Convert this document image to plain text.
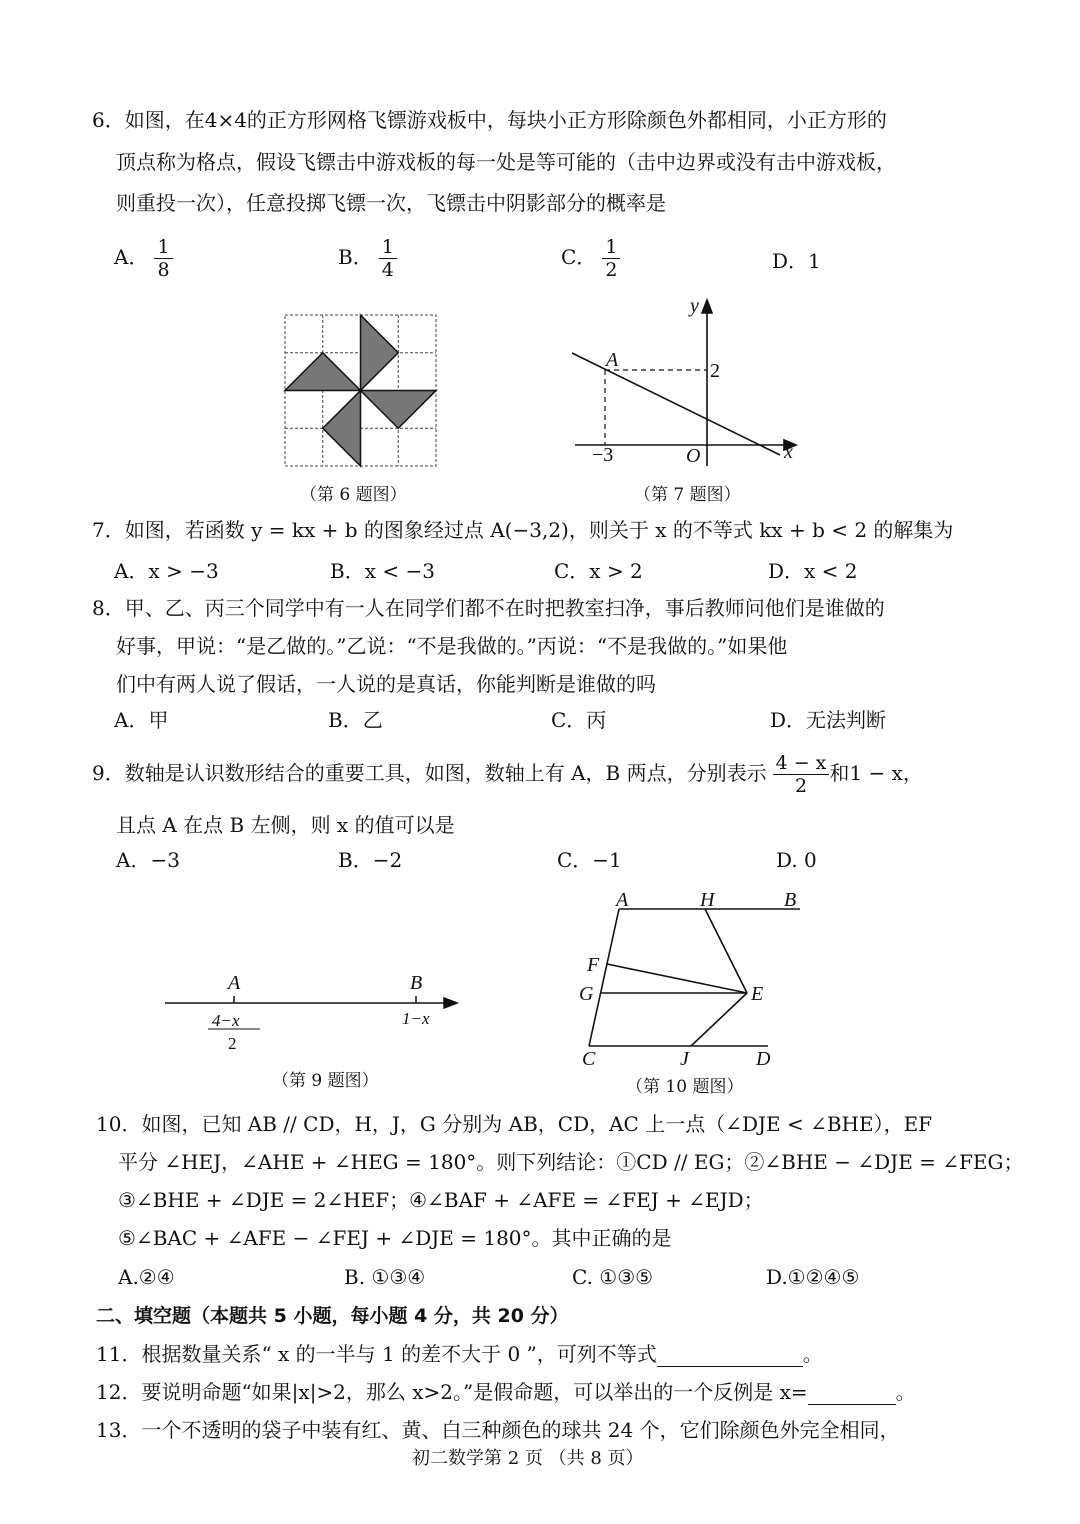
6．如图，在4×4的正方形网格飞镖游戏板中，每块小正方形除颜色外都相同，小正方形的
顶点称为格点，假设飞镖击中游戏板的每一处是等可能的（击中边界或没有击中游戏板，
则重投一次），任意投掷飞镖一次，飞镖击中阴影部分的概率是
A． $\frac{1}{8}$	B． $\frac{1}{4}$	C． $\frac{1}{2}$	D．1
y
x
A	2
−3	O
A	B
4−x
2
1−x
A	H	B
F
G	E
C	J	D
（第 6 题图）	（第 7 题图）
7．如图，若函数 y = kx + b 的图象经过点 A(−3,2)，则关于 x 的不等式 kx + b < 2 的解集为
A．x > −3	B．x < −3	C．x > 2	D．x < 2
8．甲、乙、丙三个同学中有一人在同学们都不在时把教室扫净，事后教师问他们是谁做的
好事，甲说：“是乙做的。”乙说：“不是我做的。”丙说：“不是我做的。”如果他
们中有两人说了假话，一人说的是真话，你能判断是谁做的吗
A．甲	B．乙	C．丙	D．无法判断
9．数轴是认识数形结合的重要工具，如图，数轴上有 A，B 两点，分别表示 $\frac{4 - x}{2}$ 和1 − x，
且点 A 在点 B 左侧，则 x 的值可以是
A．−3	B．−2	C．−1	D. 0
（第 9 题图）	（第 10 题图）
10．如图，已知 AB // CD，H，J，G 分别为 AB，CD，AC 上一点（∠DJE < ∠BHE），EF
平分 ∠HEJ，∠AHE + ∠HEG = 180°。则下列结论：①CD // EG；②∠BHE − ∠DJE = ∠FEG；
③∠BHE + ∠DJE = 2∠HEF；④∠BAF + ∠AFE = ∠FEJ + ∠EJD；
⑤∠BAC + ∠AFE − ∠FEJ + ∠DJE = 180°。其中正确的是
A.②④	B. ①③④	C. ①③⑤	D.①②④⑤
二、填空题（本题共 5 小题，每小题 4 分，共 20 分）
11．根据数量关系“ x 的一半与 1 的差不大于 0 ”，可列不等式	。
12．要说明命题“如果|x|>2，那么 x>2。”是假命题，可以举出的一个反例是 x=	。
13．一个不透明的袋子中装有红、黄、白三种颜色的球共 24 个，它们除颜色外完全相同，
初二数学第 2 页 （共 8 页）
